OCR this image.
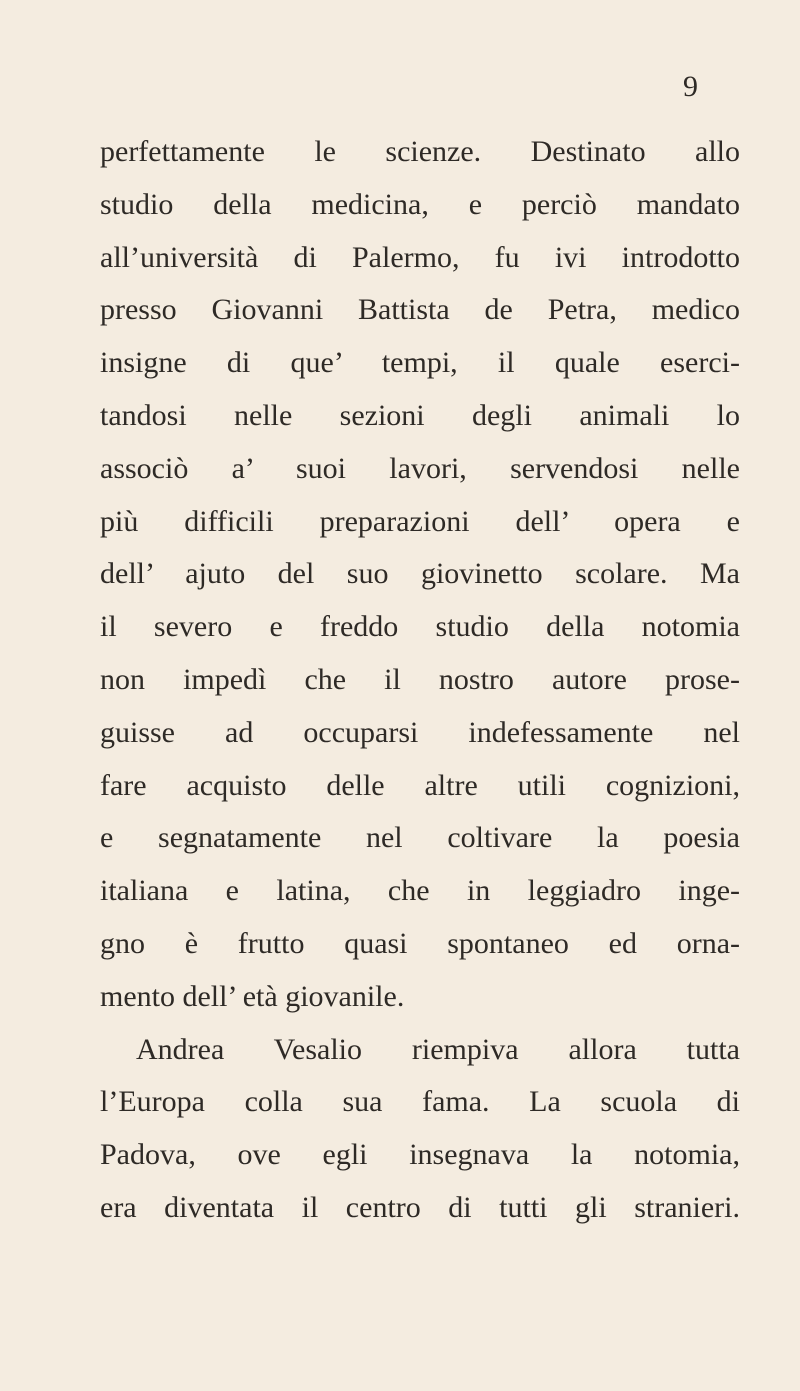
9
perfettamente le scienze. Destinato allo
studio della medicina, e perciò mandato
all’università di Palermo, fu ivi introdotto
presso Giovanni Battista de Petra, medico
insigne di que’ tempi, il quale eserci-
tandosi nelle sezioni degli animali lo
associò a’ suoi lavori, servendosi nelle
più difficili preparazioni dell’ opera e
dell’ ajuto del suo giovinetto scolare. Ma
il severo e freddo studio della notomia
non impedì che il nostro autore prose-
guisse ad occuparsi indefessamente nel
fare acquisto delle altre utili cognizioni,
e segnatamente nel coltivare la poesia
italiana e latina, che in leggiadro inge-
gno è frutto quasi spontaneo ed orna-
mento dell’ età giovanile.
Andrea Vesalio riempiva allora tutta
l’Europa colla sua fama. La scuola di
Padova, ove egli insegnava la notomia,
era diventata il centro di tutti gli stranieri.
